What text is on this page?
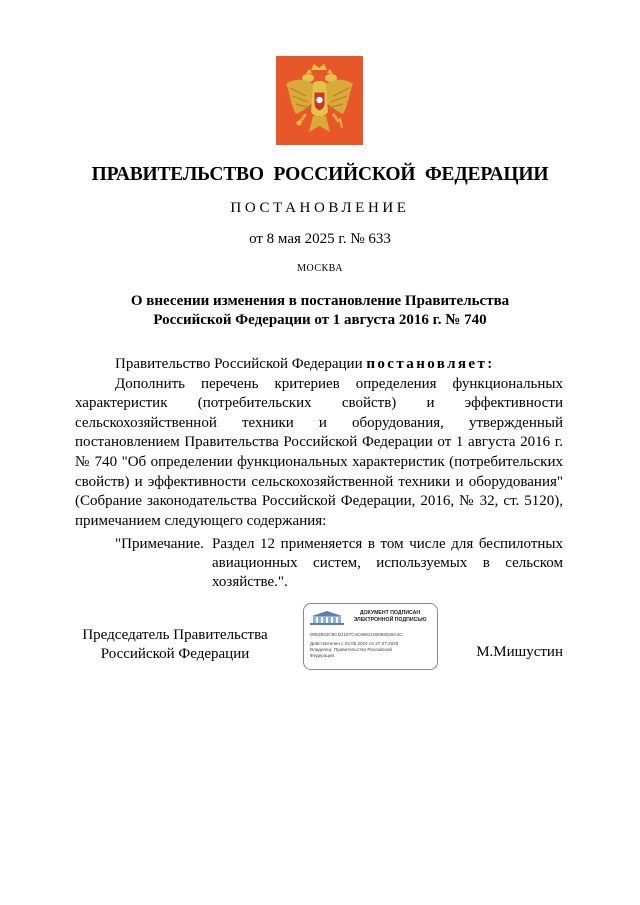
ПРАВИТЕЛЬСТВО РОССИЙСКОЙ ФЕДЕРАЦИИ
ПОСТАНОВЛЕНИЕ
от 8 мая 2025 г. № 633
МОСКВА
О внесении изменения в постановление Правительства
Российской Федерации от 1 августа 2016 г. № 740

Правительство Российской Федерации постановляет:

Дополнить перечень критериев определения функциональных характеристик (потребительских свойств) и эффективности сельскохозяйственной техники и оборудования, утвержденный постановлением Правительства Российской Федерации от 1 августа 2016 г. № 740 "Об определении функциональных характеристик (потребительских свойств) и эффективности сельскохозяйственной техники и оборудования" (Собрание законодательства Российской Федерации, 2016, № 32, ст. 5120), примечанием следующего содержания:

"Примечание. Раздел 12 применяется в том числе для беспилотных авиационных систем, используемых в сельском хозяйстве.".
Председатель Правительства
Российской Федерации
ДОКУМЕНТ ПОДПИСАН
ЭЛЕКТРОННОЙ ПОДПИСЬЮ
00E3632C6CD2197C4C9692100069028A4C
Действителен с 03.05.2024 по 27.07.2025
Владелец: Правительство Российской
Федерации	М.Мишустин
